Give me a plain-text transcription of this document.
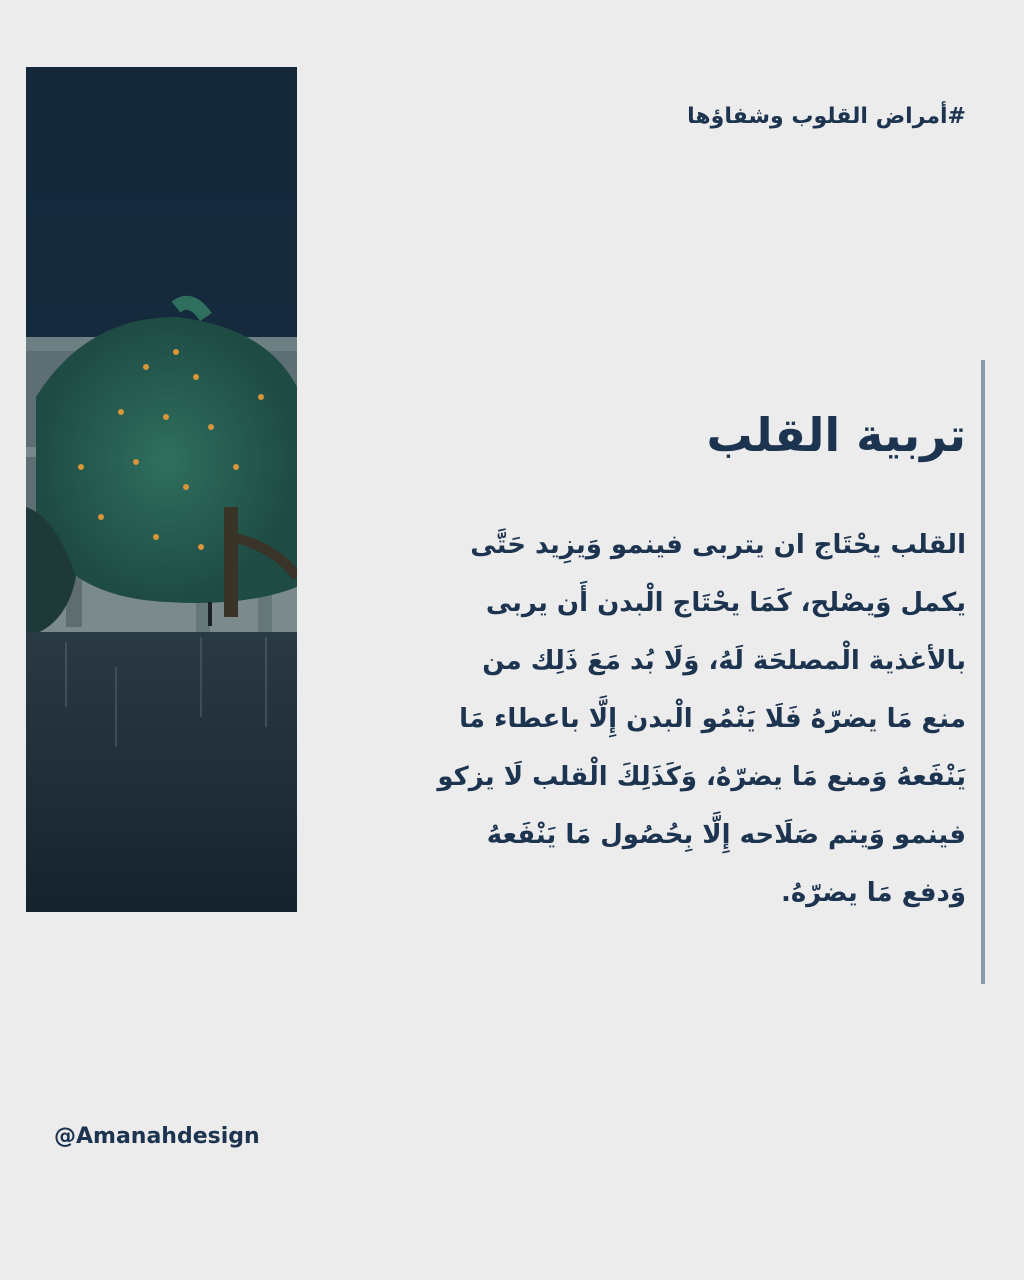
#أمراض القلوب وشفاؤها
تربية القلب
القلب يحْتَاج ان يتربى فينمو وَيزِيد حَتَّى
يكمل وَيصْلح، كَمَا يحْتَاج الْبدن أَن يربى
بالأغذية الْمصلحَة لَهُ، وَلَا بُد مَعَ ذَلِك من
منع مَا يضرّهُ فَلَا يَنْمُو الْبدن إِلَّا باعطاء مَا
يَنْفَعهُ وَمنع مَا يضرّهُ، وَكَذَلِكَ الْقلب لَا يزكو
فينمو وَيتم صَلَاحه إِلَّا بِحُصُول مَا يَنْفَعهُ
وَدفع مَا يضرّهُ.
@Amanahdesign
